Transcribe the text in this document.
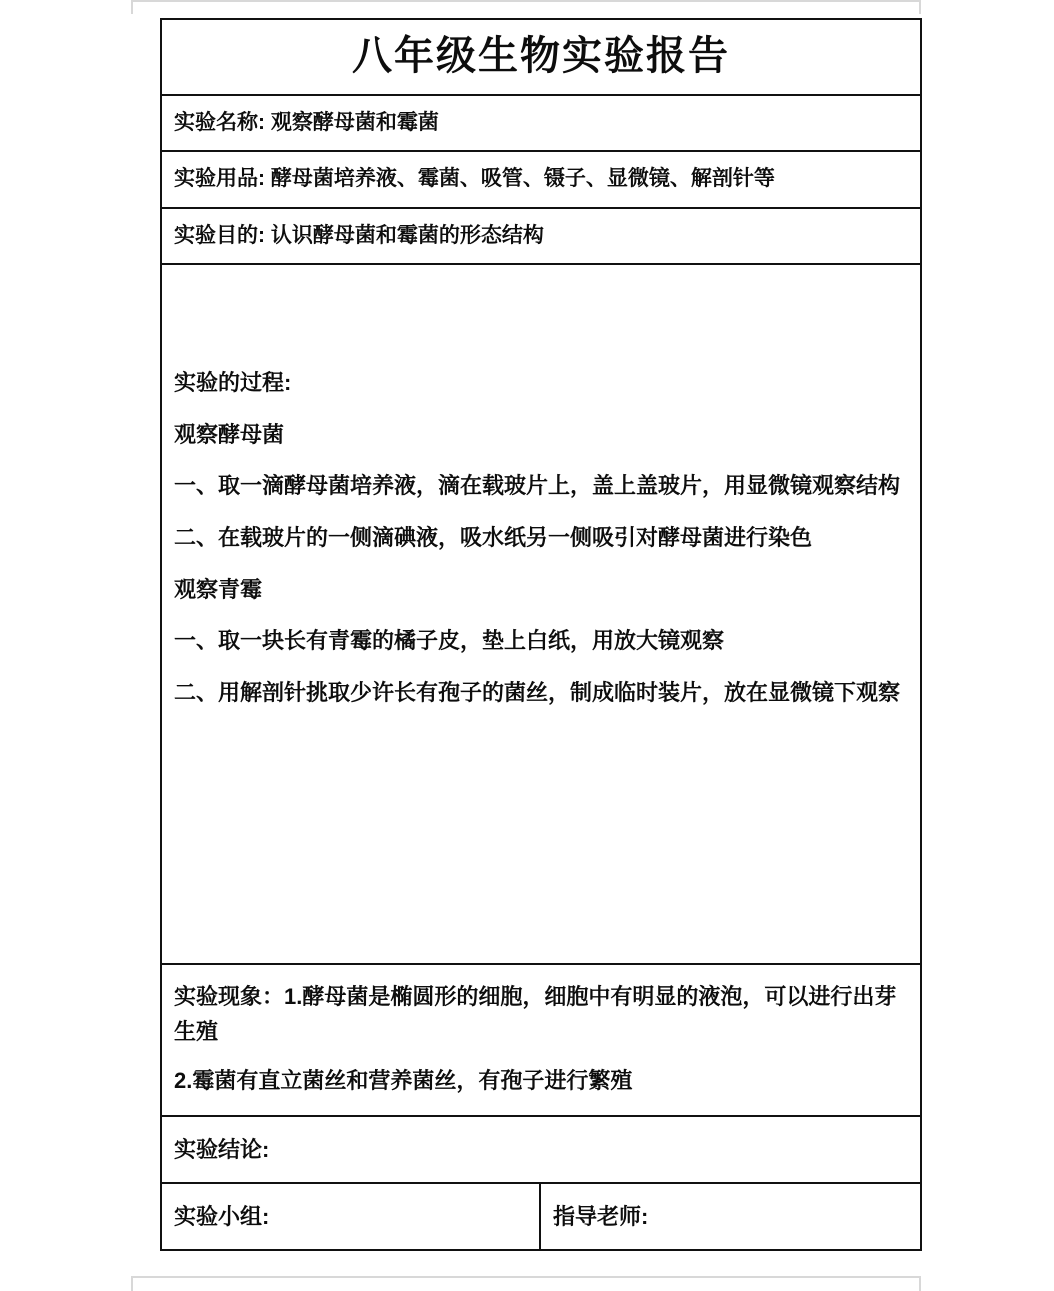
八年级生物实验报告
实验名称: 观察酵母菌和霉菌
实验用品: 酵母菌培养液、霉菌、吸管、镊子、显微镜、解剖针等
实验目的: 认识酵母菌和霉菌的形态结构

实验的过程:

观察酵母菌

一、取一滴酵母菌培养液，滴在载玻片上，盖上盖玻片，用显微镜观察结构

二、在载玻片的一侧滴碘液，吸水纸另一侧吸引对酵母菌进行染色

观察青霉

一、取一块长有青霉的橘子皮，垫上白纸，用放大镜观察

二、用解剖针挑取少许长有孢子的菌丝，制成临时装片，放在显微镜下观察

实验现象：1.酵母菌是椭圆形的细胞，细胞中有明显的液泡，可以进行出芽生殖

2.霉菌有直立菌丝和营养菌丝，有孢子进行繁殖

实验结论:
实验小组:	指导老师:
